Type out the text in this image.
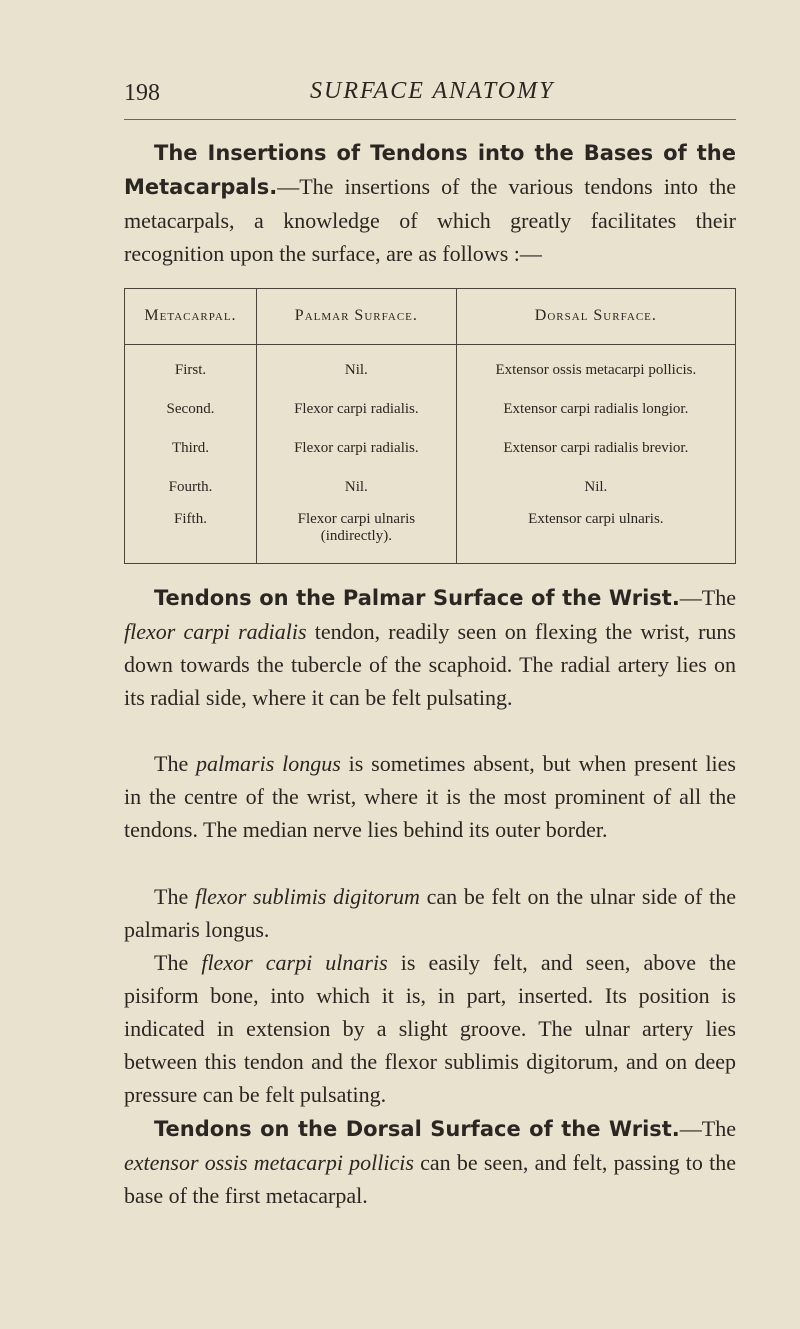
198	SURFACE ANATOMY

The Insertions of Tendons into the Bases of the Metacarpals.—The insertions of the various tendons into the metacarpals, a knowledge of which greatly facilitates their recognition upon the surface, are as follows :—

Metacarpal.	Palmar Surface.	Dorsal Surface.
First.	Nil.	Extensor ossis metacarpi pollicis.
Second.	Flexor carpi radialis.	Extensor carpi radialis longior.
Third.	Flexor carpi radialis.	Extensor carpi radialis brevior.
Fourth.	Nil.	Nil.
Fifth.	Flexor carpi ulnaris (indirectly).	Extensor carpi ulnaris.

Tendons on the Palmar Surface of the Wrist.—The flexor carpi radialis tendon, readily seen on flexing the wrist, runs down towards the tubercle of the scaphoid. The radial artery lies on its radial side, where it can be felt pulsating.

The palmaris longus is sometimes absent, but when present lies in the centre of the wrist, where it is the most prominent of all the tendons. The median nerve lies behind its outer border.

The flexor sublimis digitorum can be felt on the ulnar side of the palmaris longus.

The flexor carpi ulnaris is easily felt, and seen, above the pisiform bone, into which it is, in part, inserted. Its position is indicated in extension by a slight groove. The ulnar artery lies between this tendon and the flexor sublimis digitorum, and on deep pressure can be felt pulsating.

Tendons on the Dorsal Surface of the Wrist.—The extensor ossis metacarpi pollicis can be seen, and felt, passing to the base of the first metacarpal.
